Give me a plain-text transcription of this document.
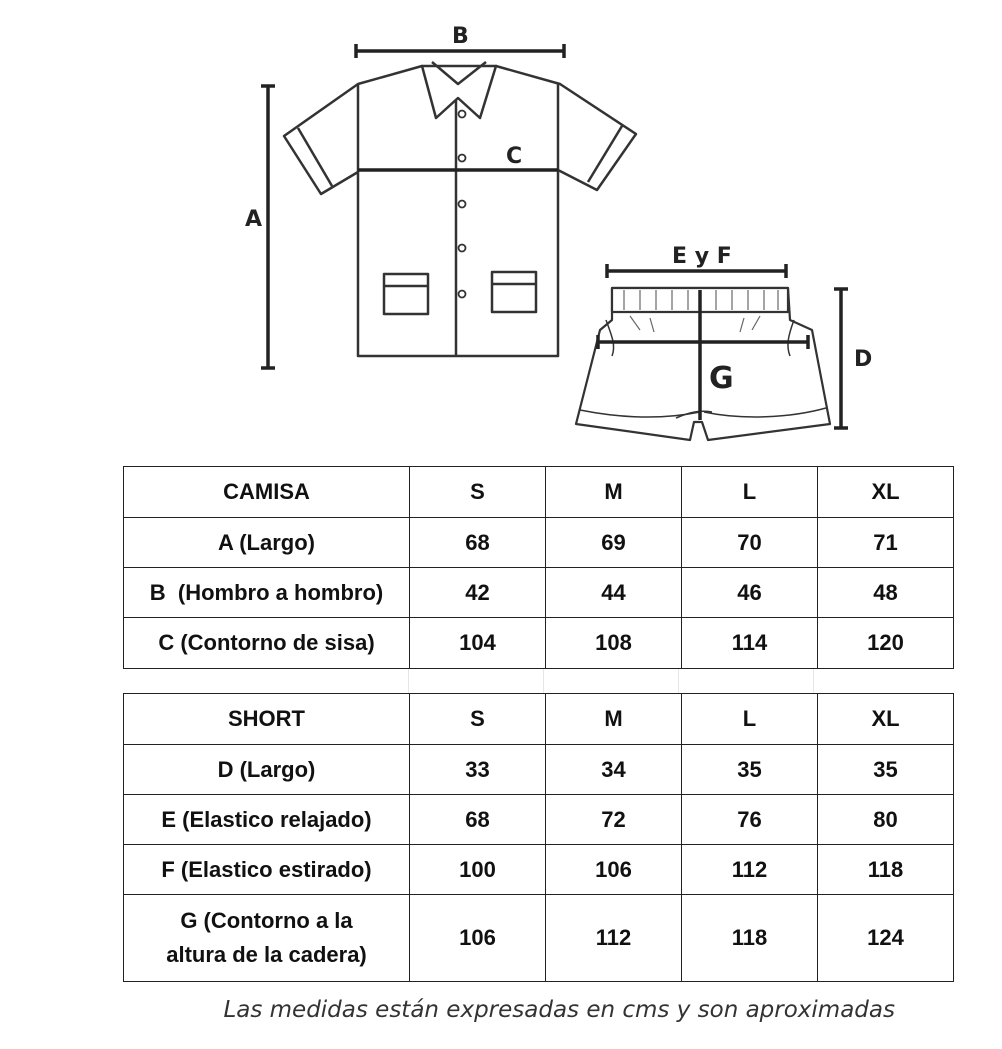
B
A
C
E y F
G
D
CAMISA	S	M	L	XL
A (Largo)	68	69	70	71
B  (Hombro a hombro)	42	44	46	48
C (Contorno de sisa)	104	108	114	120
SHORT	S	M	L	XL
D (Largo)	33	34	35	35
E (Elastico relajado)	68	72	76	80
F (Elastico estirado)	100	106	112	118

G (Contorno a la
altura de la cadera)	106	112	118	124
Las medidas están expresadas en cms y son aproximadas
